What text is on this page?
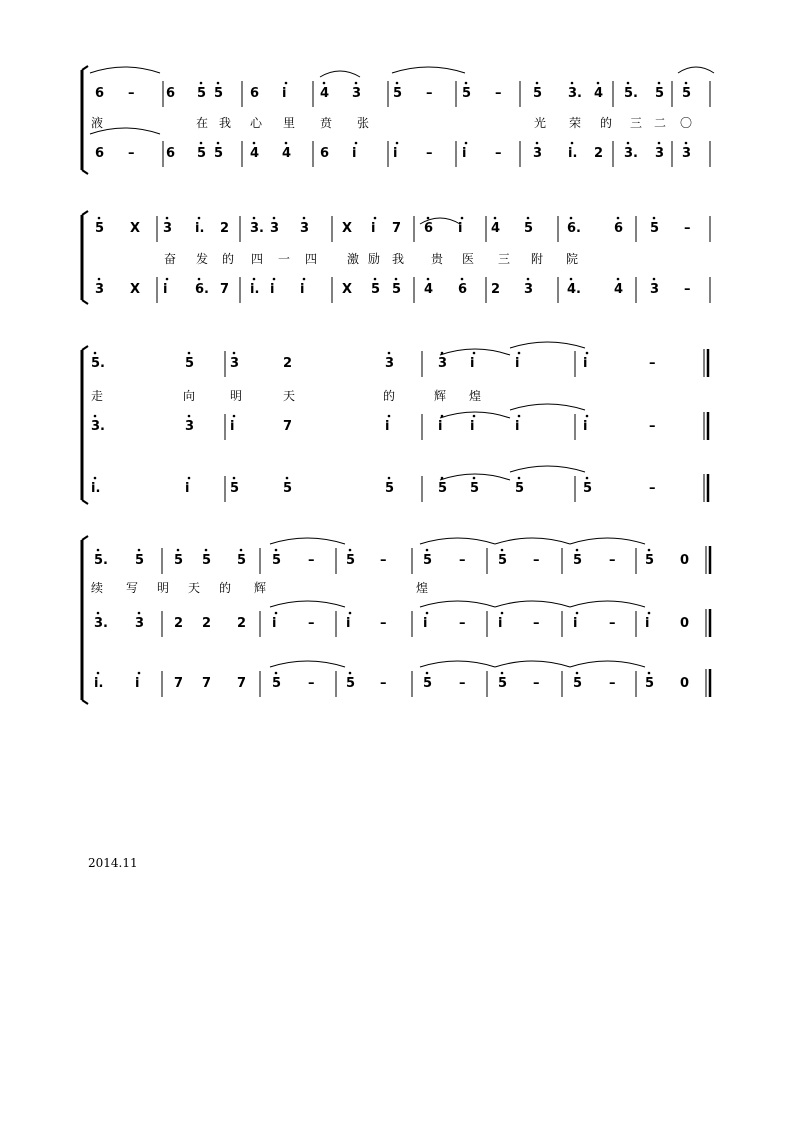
6 – 6 5 5 6 i	4 3 5 – 5 – 5 3. 4 5. 5 5
6 – 6 5 5 4 4 6 i	i – i – 3 i. 2 3. 3 3
液	在 我 心 里 贲 张	光 荣 的 三 二 〇
5 X 3 i. 2 3. 3 3	X i 7 6 i 4 5	6.	6 5 –
3 X i 6. 7 i. i i	X 5 5 4 6 2 3	4.	4 3 –
奋 发 的 四 一 四 激 励 我 贵 医 三 附 院
5.	5	3	2	3	3 i	i	i	–
3.	3	i	7	i	i i	i	i	–
i.	i	5	5	5	5 5	5	5	–
走	向	明	天	的	辉 煌
5. 5 5 5 5 5 – 5 –	5 –	5 –	5 – 5 0
3. 3 2 2 2 i – i –	i –	i –	i – i 0
i. i	7 7 7 5 – 5 –	5 –	5 –	5 – 5 0
续 写 明 天 的 辉	煌
2014.11
